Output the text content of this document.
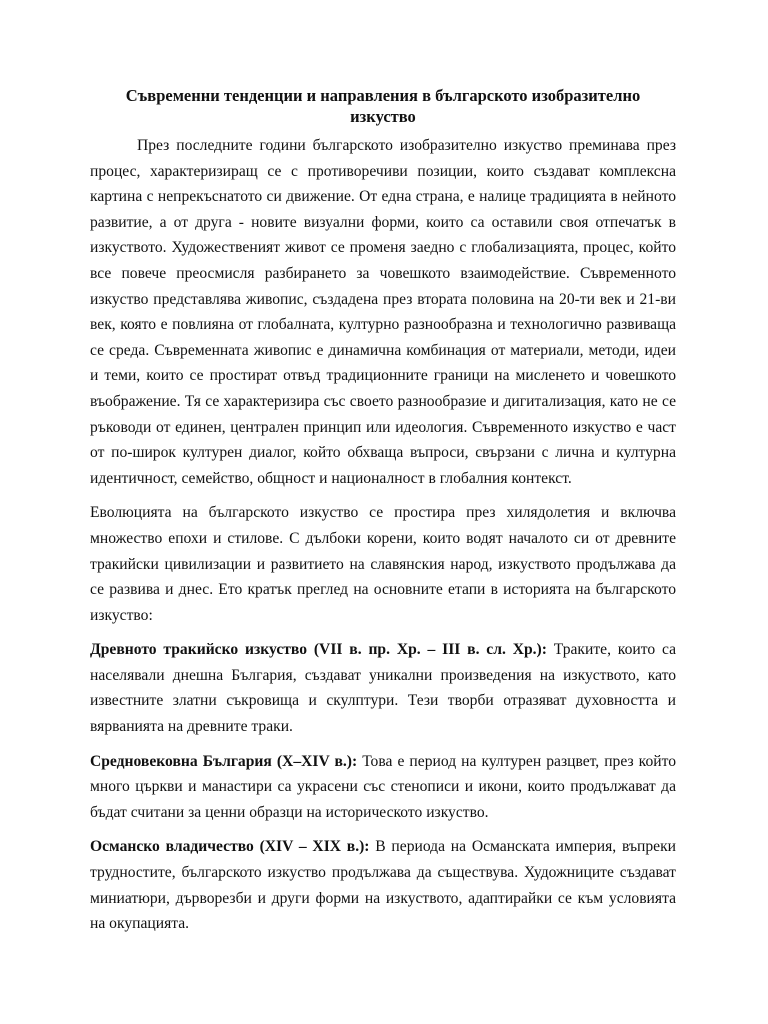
Съвременни тенденции и направления в българското изобразително изкуство

През последните години българското изобразително изкуство преминава през процес, характеризиращ се с противоречиви позиции, които създават комплексна картина с непрекъснатото си движение. От една страна, е налице традицията в нейното развитие, а от друга - новите визуални форми, които са оставили своя отпечатък в изкуството. Художественият живот се променя заедно с глобализацията, процес, който все повече преосмисля разбирането за човешкото взаимодействие. Съвременното изкуство представлява живопис, създадена през втората половина на 20-ти век и 21-ви век, която е повлияна от глобалната, културно разнообразна и технологично развиваща се среда. Съвременната живопис е динамична комбинация от материали, методи, идеи и теми, които се простират отвъд традиционните граници на мисленето и човешкото въображение. Тя се характеризира със своето разнообразие и дигитализация, като не се ръководи от единен, централен принцип или идеология. Съвременното изкуство е част от по-широк културен диалог, който обхваща въпроси, свързани с лична и културна идентичност, семейство, общност и националност в глобалния контекст.

Еволюцията на българското изкуство се простира през хилядолетия и включва множество епохи и стилове. С дълбоки корени, които водят началото си от древните тракийски цивилизации и развитието на славянския народ, изкуството продължава да се развива и днес. Ето кратък преглед на основните етапи в историята на българското изкуство:

Древното тракийско изкуство (VII в. пр. Хр. – III в. сл. Хр.): Траките, които са населявали днешна България, създават уникални произведения на изкуството, като известните златни съкровища и скулптури. Тези творби отразяват духовността и вярванията на древните траки.

Средновековна България (X–XIV в.): Това е период на културен разцвет, през който много църкви и манастири са украсени със стенописи и икони, които продължават да бъдат считани за ценни образци на историческото изкуство.

Османско владичество (XIV – XIX в.): В периода на Османската империя, въпреки трудностите, българското изкуство продължава да съществува. Художниците създават миниатюри, дърворезби и други форми на изкуството, адаптирайки се към условията на окупацията.
